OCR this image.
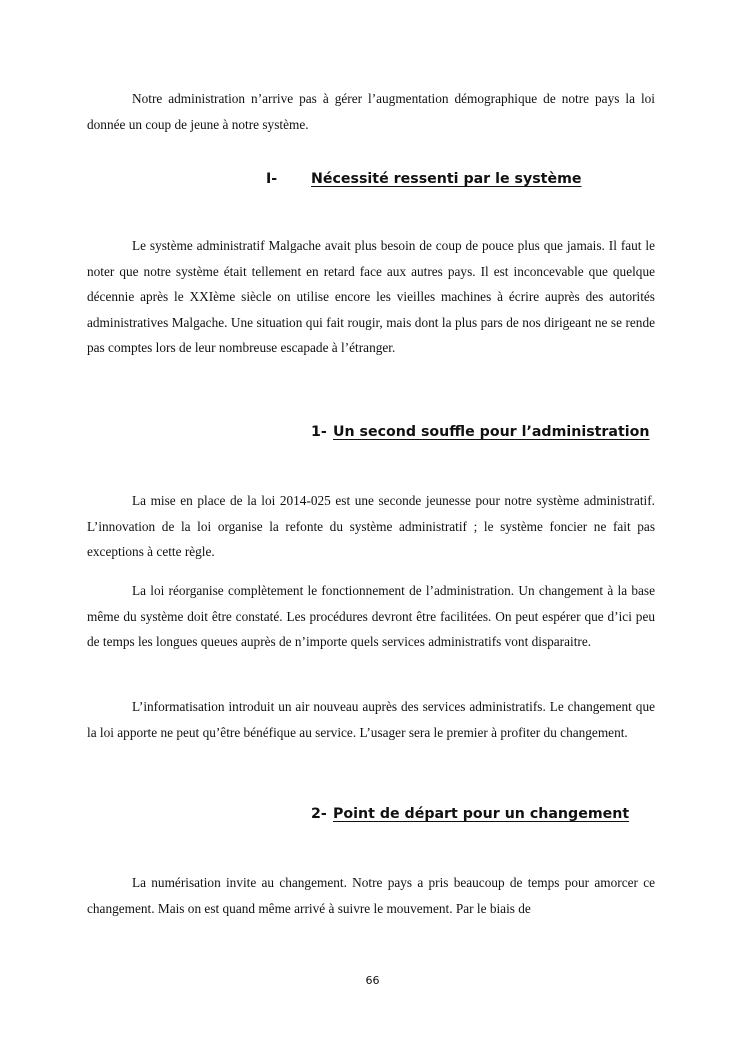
Notre administration n’arrive pas à gérer l’augmentation démographique de notre pays la loi donnée un coup de jeune à notre système.

I- Nécessité ressenti par le système

Le système administratif Malgache avait plus besoin de coup de pouce plus que jamais. Il faut le noter que notre système était tellement en retard face aux autres pays. Il est inconcevable que quelque décennie après le XXIème siècle on utilise encore les vieilles machines à écrire auprès des autorités administratives Malgache. Une situation qui fait rougir, mais dont la plus pars de nos dirigeant ne se rende pas comptes lors de leur nombreuse escapade à l’étranger.

1- Un second souffle pour l’administration

La mise en place de la loi 2014-025 est une seconde jeunesse pour notre système administratif. L’innovation de la loi organise la refonte du système administratif ; le système foncier ne fait pas exceptions à cette règle.

La loi réorganise complètement le fonctionnement de l’administration. Un changement à la base même du système doit être constaté. Les procédures devront être facilitées. On peut espérer que d’ici peu de temps les longues queues auprès de n’importe quels services administratifs vont disparaitre.

L’informatisation introduit un air nouveau auprès des services administratifs. Le changement que la loi apporte ne peut qu’être bénéfique au service. L’usager sera le premier à profiter du changement.

2- Point de départ pour un changement

La numérisation invite au changement. Notre pays a pris beaucoup de temps pour amorcer ce changement. Mais on est quand même arrivé à suivre le mouvement. Par le biais de

66
